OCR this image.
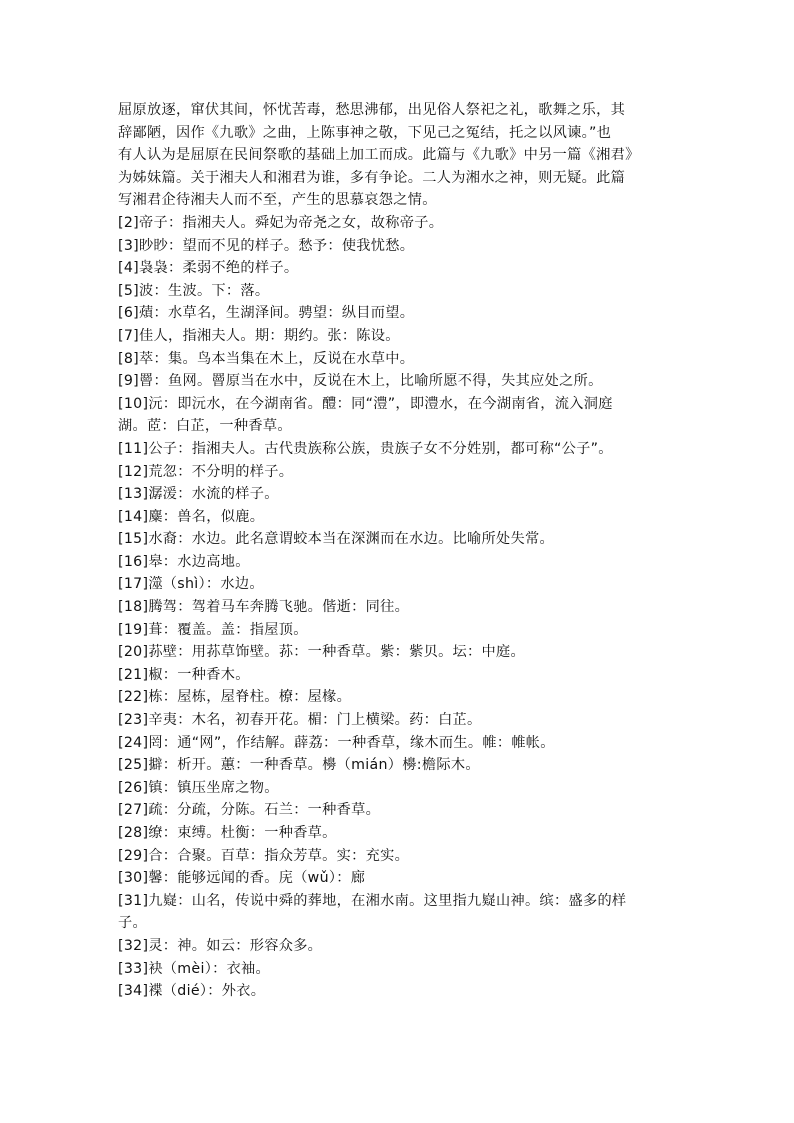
屈原放逐，窜伏其间，怀忧苦毒，愁思沸郁，出见俗人祭祀之礼，歌舞之乐，其

辞鄙陋，因作《九歌》之曲，上陈事神之敬，下见己之冤结，托之以风谏。”也

有人认为是屈原在民间祭歌的基础上加工而成。此篇与《九歌》中另一篇《湘君》

为姊妹篇。关于湘夫人和湘君为谁，多有争论。二人为湘水之神，则无疑。此篇

写湘君企待湘夫人而不至，产生的思慕哀怨之情。

[2]帝子：指湘夫人。舜妃为帝尧之女，故称帝子。

[3]眇眇：望而不见的样子。愁予：使我忧愁。

[4]袅袅：柔弱不绝的样子。

[5]波：生波。下：落。

[6]薠：水草名，生湖泽间。骋望：纵目而望。

[7]佳人，指湘夫人。期：期约。张：陈设。

[8]萃：集。鸟本当集在木上，反说在水草中。

[9]罾：鱼网。罾原当在水中，反说在木上，比喻所愿不得，失其应处之所。

[10]沅：即沅水，在今湖南省。醴：同“澧”，即澧水，在今湖南省，流入洞庭

湖。茝：白芷，一种香草。

[11]公子：指湘夫人。古代贵族称公族，贵族子女不分姓别，都可称“公子”。

[12]荒忽：不分明的样子。

[13]潺湲：水流的样子。

[14]麋：兽名，似鹿。

[15]水裔：水边。此名意谓蛟本当在深渊而在水边。比喻所处失常。

[16]皋：水边高地。

[17]澨（shì）：水边。

[18]腾驾：驾着马车奔腾飞驰。偕逝：同往。

[19]葺：覆盖。盖：指屋顶。

[20]荪壁：用荪草饰壁。荪：一种香草。紫：紫贝。坛：中庭。

[21]椒：一种香木。

[22]栋：屋栋，屋脊柱。橑：屋椽。

[23]辛夷：木名，初春开花。楣：门上横梁。药：白芷。

[24]罔：通“网”，作结解。薜荔：一种香草，缘木而生。帷：帷帐。

[25]擗：析开。蕙：一种香草。櫋（mián）櫋:檐际木。

[26]镇：镇压坐席之物。

[27]疏：分疏，分陈。石兰：一种香草。

[28]缭：束缚。杜衡：一种香草。

[29]合：合聚。百草：指众芳草。实：充实。

[30]馨：能够远闻的香。庑（wǔ）：廊

[31]九嶷：山名，传说中舜的葬地，在湘水南。这里指九嶷山神。缤：盛多的样

子。

[32]灵：神。如云：形容众多。

[33]袂（mèi）：衣袖。

[34]褋（dié）：外衣。
